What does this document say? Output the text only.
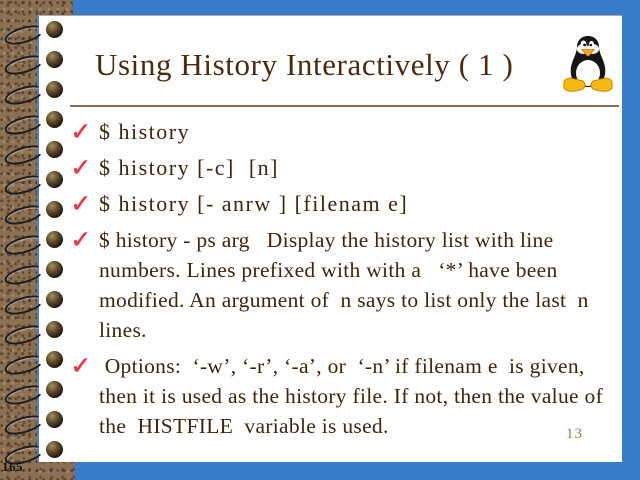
Using History Interactively ( 1 )
✓ $ history
✓ $ history [-c]  [n]
✓ $ history [- anrw ] [filenam e]
✓ $ history - ps arg   Display the history list with line numbers. Lines prefixed with with a   ‘*’ have been modified. An argument of  n says to list only the last  n lines.
✓ Options:  ‘-w’, ‘-r’, ‘-a’, or  ‘-n’ if filenam e  is given, then it is used as the history file. If not, then the value of the  HISTFILE  variable is used.	13
165
